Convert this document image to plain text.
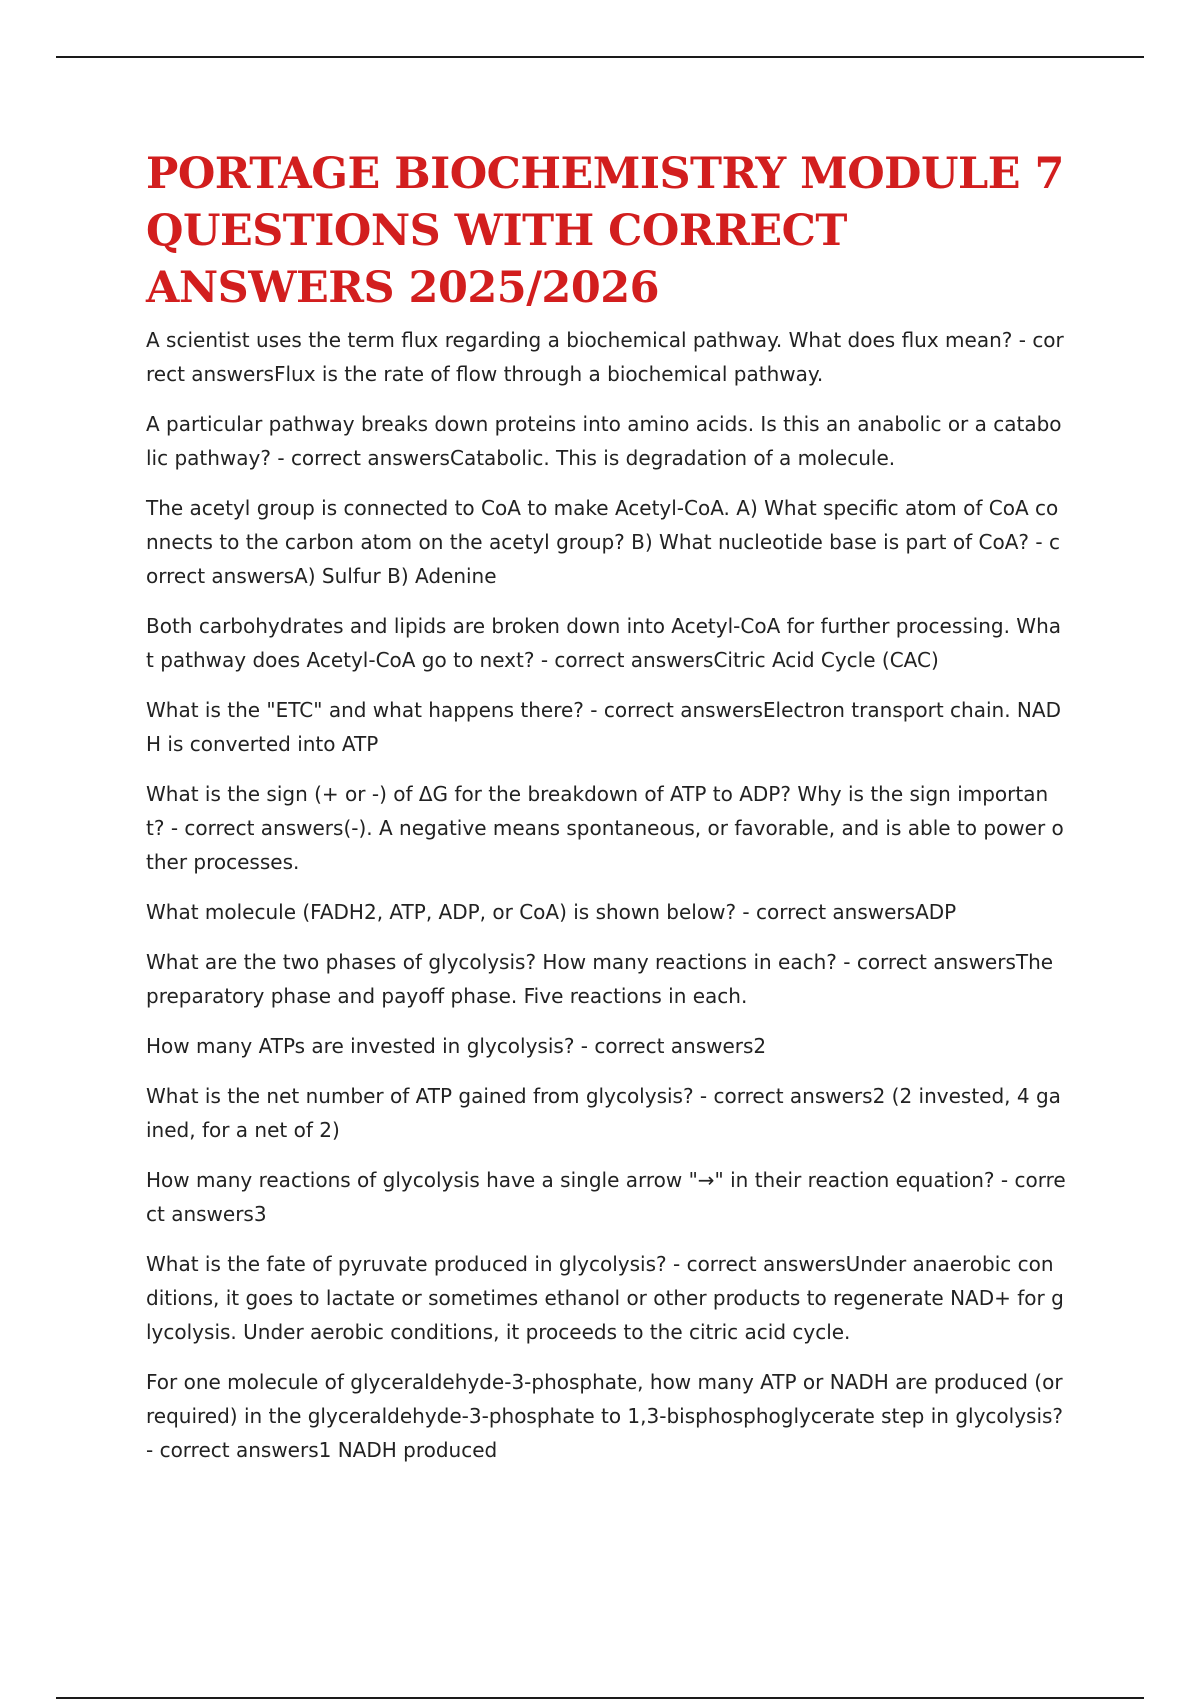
PORTAGE BIOCHEMISTRY MODULE 7 QUESTIONS WITH CORRECT ANSWERS 2025/2026

A scientist uses the term flux regarding a biochemical pathway. What does flux mean? - correct answersFlux is the rate of flow through a biochemical pathway.

A particular pathway breaks down proteins into amino acids. Is this an anabolic or a catabolic pathway? - correct answersCatabolic. This is degradation of a molecule.

The acetyl group is connected to CoA to make Acetyl-CoA. A) What specific atom of CoA connects to the carbon atom on the acetyl group? B) What nucleotide base is part of CoA? - correct answersA) Sulfur B) Adenine

Both carbohydrates and lipids are broken down into Acetyl-CoA for further processing. What pathway does Acetyl-CoA go to next? - correct answersCitric Acid Cycle (CAC)

What is the "ETC" and what happens there? - correct answersElectron transport chain. NADH is converted into ATP

What is the sign (+ or -) of ΔG for the breakdown of ATP to ADP? Why is the sign important? - correct answers(-). A negative means spontaneous, or favorable, and is able to power other processes.

What molecule (FADH2, ATP, ADP, or CoA) is shown below? - correct answersADP

What are the two phases of glycolysis? How many reactions in each? - correct answersThe preparatory phase and payoff phase. Five reactions in each.

How many ATPs are invested in glycolysis? - correct answers2

What is the net number of ATP gained from glycolysis? - correct answers2 (2 invested, 4 gained, for a net of 2)

How many reactions of glycolysis have a single arrow "→" in their reaction equation? - correct answers3

What is the fate of pyruvate produced in glycolysis? - correct answersUnder anaerobic conditions, it goes to lactate or sometimes ethanol or other products to regenerate NAD+ for glycolysis. Under aerobic conditions, it proceeds to the citric acid cycle.

For one molecule of glyceraldehyde-3-phosphate, how many ATP or NADH are produced (or required) in the glyceraldehyde-3-phosphate to 1,3-bisphosphoglycerate step in glycolysis? - correct answers1 NADH produced
